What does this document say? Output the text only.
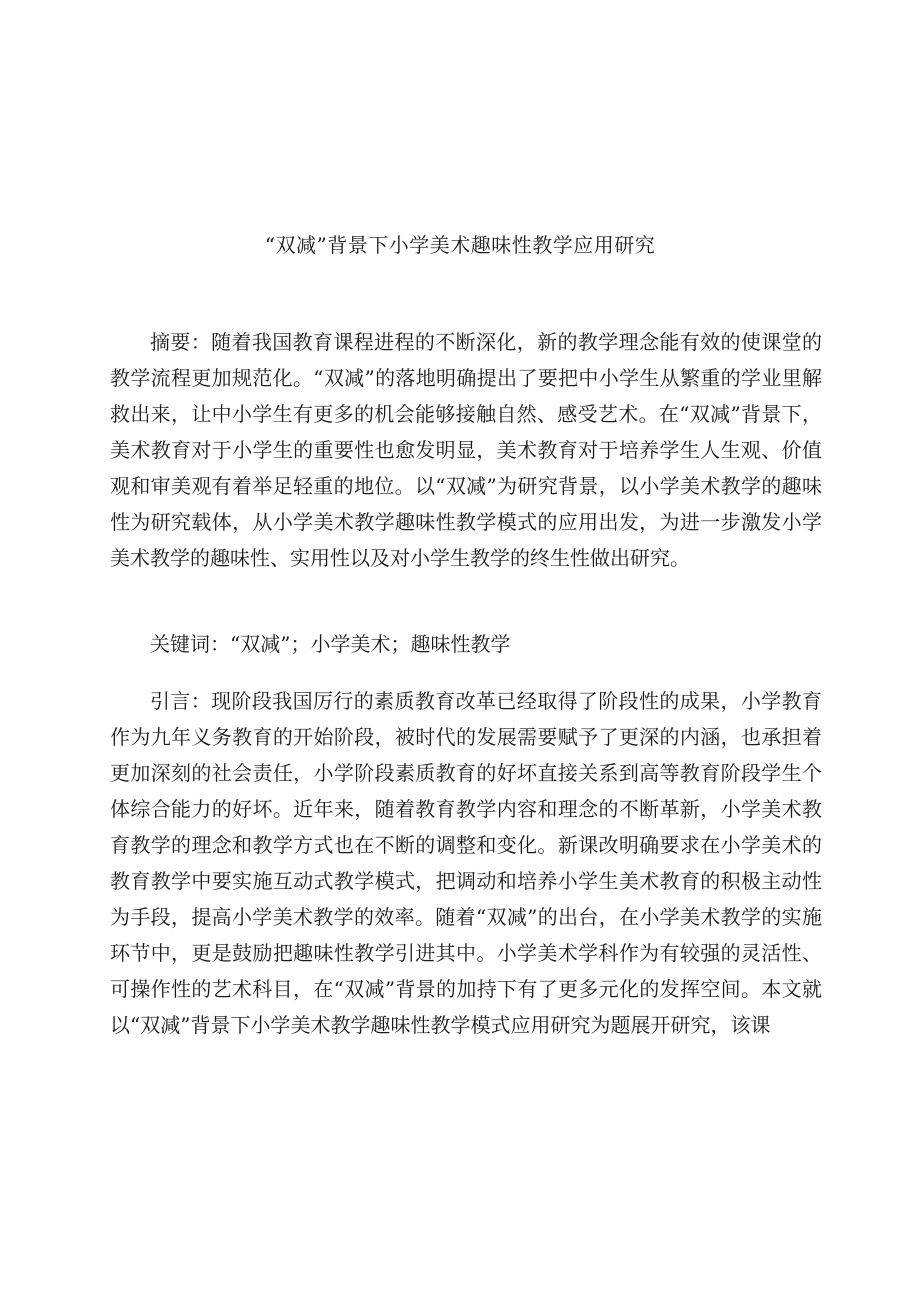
“双减”背景下小学美术趣味性教学应用研究

摘要：随着我国教育课程进程的不断深化，新的教学理念能有效的使课堂的教学流程更加规范化。“双减”的落地明确提出了要把中小学生从繁重的学业里解救出来，让中小学生有更多的机会能够接触自然、感受艺术。在“双减”背景下，美术教育对于小学生的重要性也愈发明显，美术教育对于培养学生人生观、价值观和审美观有着举足轻重的地位。以“双减”为研究背景，以小学美术教学的趣味性为研究载体，从小学美术教学趣味性教学模式的应用出发，为进一步激发小学美术教学的趣味性、实用性以及对小学生教学的终生性做出研究。

关键词：“双减”；小学美术；趣味性教学

引言：现阶段我国厉行的素质教育改革已经取得了阶段性的成果，小学教育作为九年义务教育的开始阶段，被时代的发展需要赋予了更深的内涵，也承担着更加深刻的社会责任，小学阶段素质教育的好坏直接关系到高等教育阶段学生个体综合能力的好坏。近年来，随着教育教学内容和理念的不断革新，小学美术教育教学的理念和教学方式也在不断的调整和变化。新课改明确要求在小学美术的教育教学中要实施互动式教学模式，把调动和培养小学生美术教育的积极主动性为手段，提高小学美术教学的效率。随着“双减”的出台，在小学美术教学的实施环节中，更是鼓励把趣味性教学引进其中。小学美术学科作为有较强的灵活性、可操作性的艺术科目，在“双减”背景的加持下有了更多元化的发挥空间。本文就以“双减”背景下小学美术教学趣味性教学模式应用研究为题展开研究，该课
